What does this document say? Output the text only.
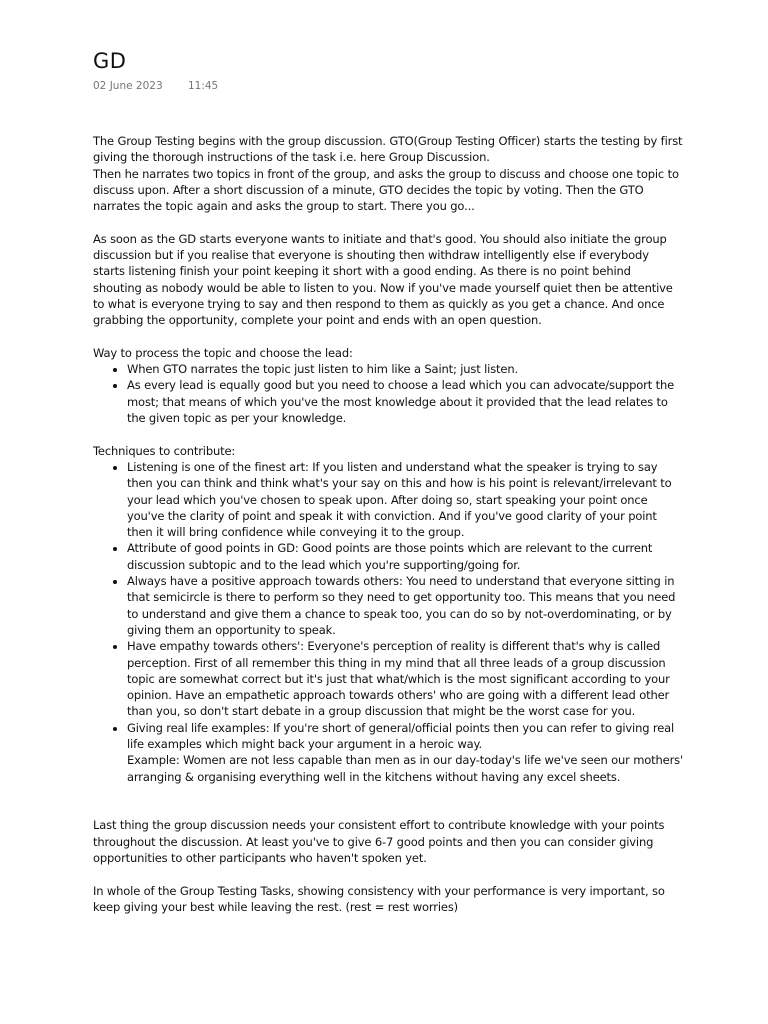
GD
02 June 2023 11:45

The Group Testing begins with the group discussion. GTO(Group Testing Officer) starts the testing by first giving the thorough instructions of the task i.e. here Group Discussion.
Then he narrates two topics in front of the group, and asks the group to discuss and choose one topic to discuss upon. After a short discussion of a minute, GTO decides the topic by voting. Then the GTO narrates the topic again and asks the group to start. There you go...

As soon as the GD starts everyone wants to initiate and that's good. You should also initiate the group discussion but if you realise that everyone is shouting then withdraw intelligently else if everybody starts listening finish your point keeping it short with a good ending. As there is no point behind shouting as nobody would be able to listen to you. Now if you've made yourself quiet then be attentive to what is everyone trying to say and then respond to them as quickly as you get a chance. And once grabbing the opportunity, complete your point and ends with an open question.

Way to process the topic and choose the lead:

• When GTO narrates the topic just listen to him like a Saint; just listen.
• As every lead is equally good but you need to choose a lead which you can advocate/support the most; that means of which you've the most knowledge about it provided that the lead relates to the given topic as per your knowledge.

Techniques to contribute:

• Listening is one of the finest art: If you listen and understand what the speaker is trying to say then you can think and think what's your say on this and how is his point is relevant/irrelevant to your lead which you've chosen to speak upon. After doing so, start speaking your point once you've the clarity of point and speak it with conviction. And if you've good clarity of your point then it will bring confidence while conveying it to the group.
• Attribute of good points in GD: Good points are those points which are relevant to the current discussion subtopic and to the lead which you're supporting/going for.
• Always have a positive approach towards others: You need to understand that everyone sitting in that semicircle is there to perform so they need to get opportunity too. This means that you need to understand and give them a chance to speak too, you can do so by not-overdominating, or by giving them an opportunity to speak.
• Have empathy towards others': Everyone's perception of reality is different that's why is called perception. First of all remember this thing in my mind that all three leads of a group discussion topic are somewhat correct but it's just that what/which is the most significant according to your opinion. Have an empathetic approach towards others' who are going with a different lead other than you, so don't start debate in a group discussion that might be the worst case for you.
• Giving real life examples: If you're short of general/official points then you can refer to giving real life examples which might back your argument in a heroic way.
Example: Women are not less capable than men as in our day-today's life we've seen our mothers' arranging & organising everything well in the kitchens without having any excel sheets.

Last thing the group discussion needs your consistent effort to contribute knowledge with your points throughout the discussion. At least you've to give 6-7 good points and then you can consider giving opportunities to other participants who haven't spoken yet.

In whole of the Group Testing Tasks, showing consistency with your performance is very important, so keep giving your best while leaving the rest. (rest = rest worries)
